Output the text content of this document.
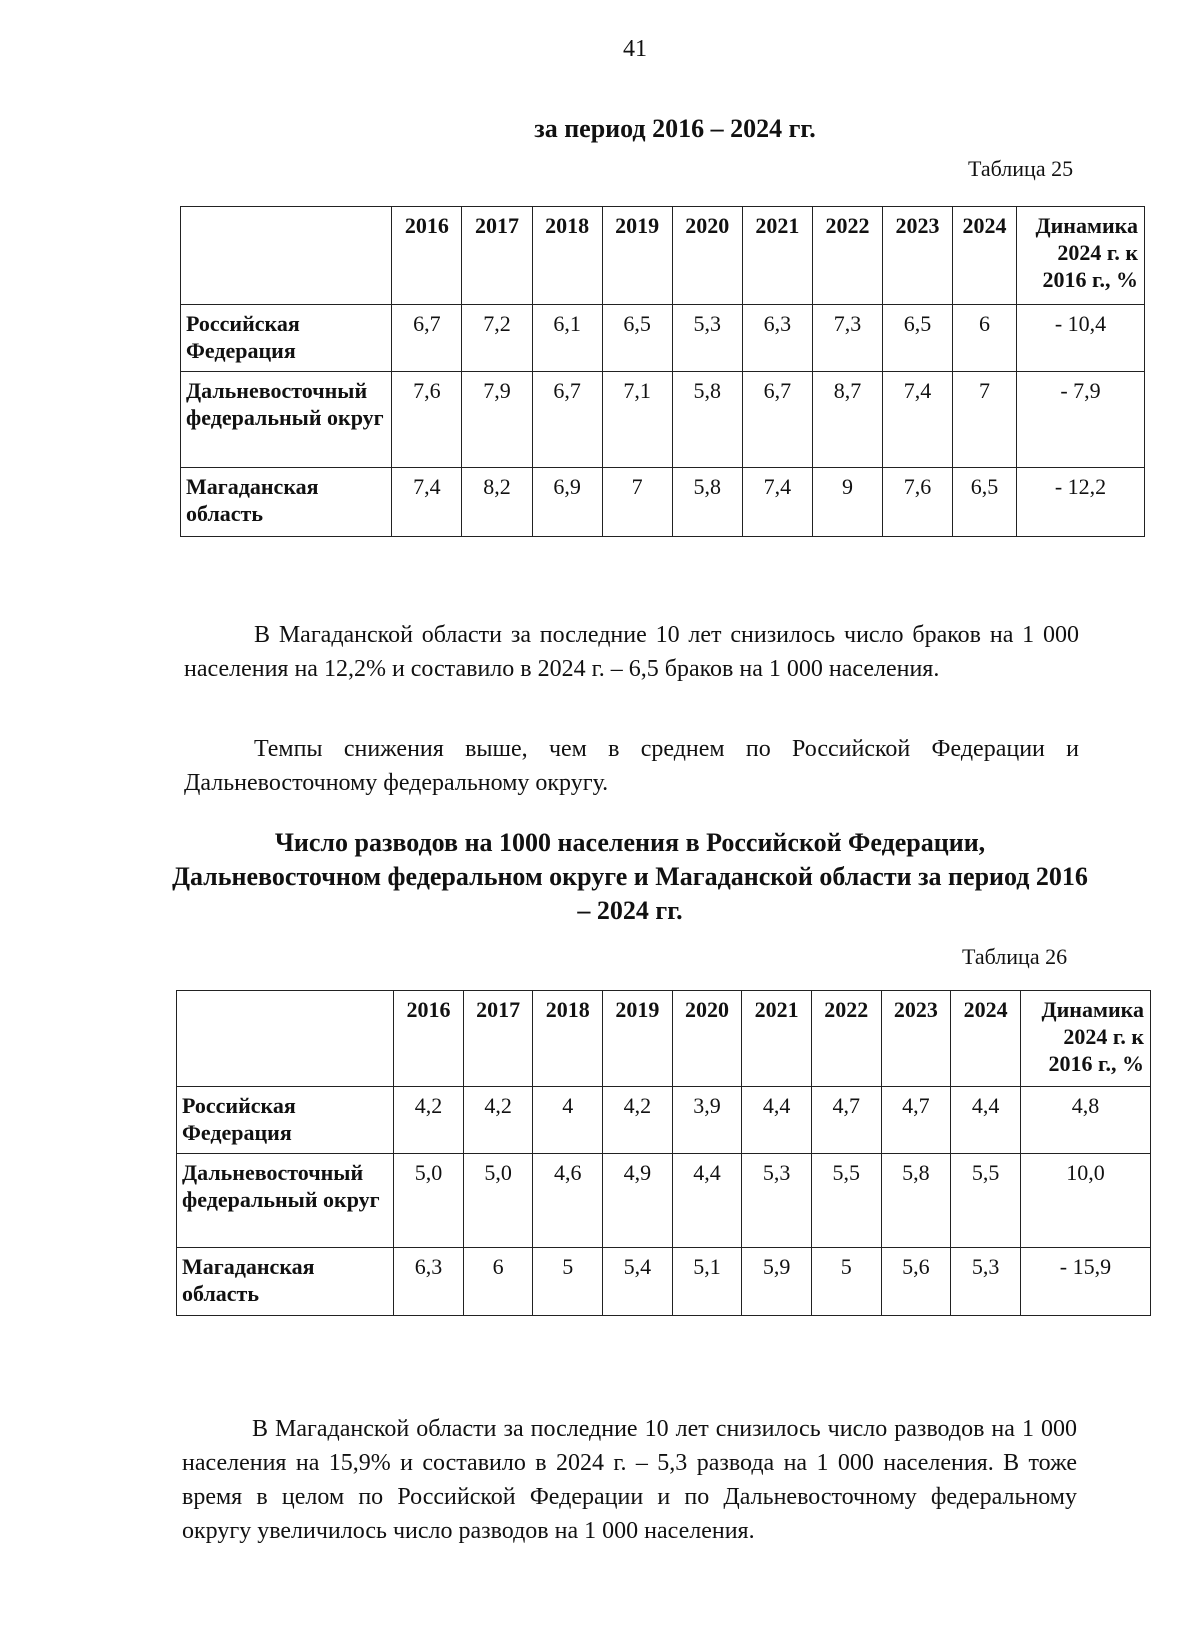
41
за период 2016 – 2024 гг.
Таблица 25
	2016	2017	2018	2019	2020	2021	2022	2023	2024	Динамика 2024 г. к 2016 г., %
Российская Федерация	6,7	7,2	6,1	6,5	5,3	6,3	7,3	6,5	6	- 10,4
Дальневосточный федеральный округ	7,6	7,9	6,7	7,1	5,8	6,7	8,7	7,4	7	- 7,9
Магаданская область	7,4	8,2	6,9	7	5,8	7,4	9	7,6	6,5	- 12,2

В Магаданской области за последние 10 лет снизилось число браков на 1 000 населения на 12,2% и составило в 2024 г. – 6,5 браков на 1 000 населения.

Темпы снижения выше, чем в среднем по Российской Федерации и Дальневосточному федеральному округу.

Число разводов на 1000 населения в Российской Федерации, Дальневосточном федеральном округе и Магаданской области за период 2016 – 2024 гг.
Таблица 26
	2016	2017	2018	2019	2020	2021	2022	2023	2024	Динамика 2024 г. к 2016 г., %
Российская Федерация	4,2	4,2	4	4,2	3,9	4,4	4,7	4,7	4,4	4,8
Дальневосточный федеральный округ	5,0	5,0	4,6	4,9	4,4	5,3	5,5	5,8	5,5	10,0
Магаданская область	6,3	6	5	5,4	5,1	5,9	5	5,6	5,3	- 15,9

В Магаданской области за последние 10 лет снизилось число разводов на 1 000 населения на 15,9% и составило в 2024 г. – 5,3 развода на 1 000 населения. В тоже время в целом по Российской Федерации и по Дальневосточному федеральному округу увеличилось число разводов на 1 000 населения.
